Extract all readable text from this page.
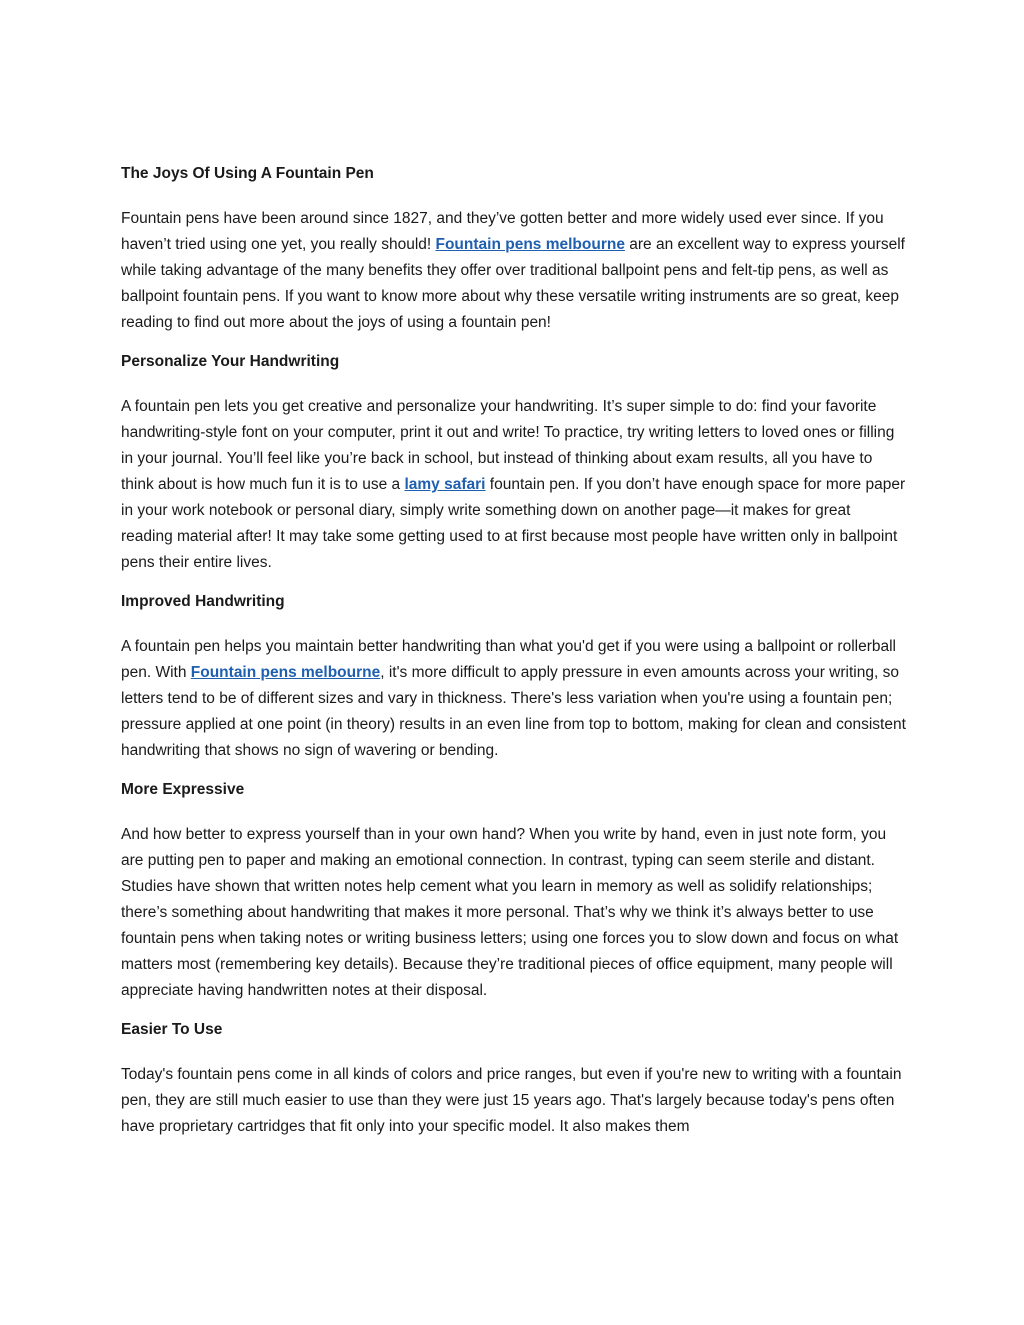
The Joys Of Using A Fountain Pen

Fountain pens have been around since 1827, and they’ve gotten better and more widely used ever since. If you haven’t tried using one yet, you really should! Fountain pens melbourne are an excellent way to express yourself while taking advantage of the many benefits they offer over traditional ballpoint pens and felt-tip pens, as well as ballpoint fountain pens. If you want to know more about why these versatile writing instruments are so great, keep reading to find out more about the joys of using a fountain pen!

Personalize Your Handwriting

A fountain pen lets you get creative and personalize your handwriting. It’s super simple to do: find your favorite handwriting-style font on your computer, print it out and write! To practice, try writing letters to loved ones or filling in your journal. You’ll feel like you’re back in school, but instead of thinking about exam results, all you have to think about is how much fun it is to use a lamy safari fountain pen. If you don’t have enough space for more paper in your work notebook or personal diary, simply write something down on another page—it makes for great reading material after! It may take some getting used to at first because most people have written only in ballpoint pens their entire lives.

Improved Handwriting

A fountain pen helps you maintain better handwriting than what you'd get if you were using a ballpoint or rollerball pen. With Fountain pens melbourne, it's more difficult to apply pressure in even amounts across your writing, so letters tend to be of different sizes and vary in thickness. There's less variation when you're using a fountain pen; pressure applied at one point (in theory) results in an even line from top to bottom, making for clean and consistent handwriting that shows no sign of wavering or bending.

More Expressive

And how better to express yourself than in your own hand? When you write by hand, even in just note form, you are putting pen to paper and making an emotional connection. In contrast, typing can seem sterile and distant. Studies have shown that written notes help cement what you learn in memory as well as solidify relationships; there’s something about handwriting that makes it more personal. That’s why we think it’s always better to use fountain pens when taking notes or writing business letters; using one forces you to slow down and focus on what matters most (remembering key details). Because they’re traditional pieces of office equipment, many people will appreciate having handwritten notes at their disposal.

Easier To Use

Today's fountain pens come in all kinds of colors and price ranges, but even if you're new to writing with a fountain pen, they are still much easier to use than they were just 15 years ago. That's largely because today's pens often have proprietary cartridges that fit only into your specific model. It also makes them
